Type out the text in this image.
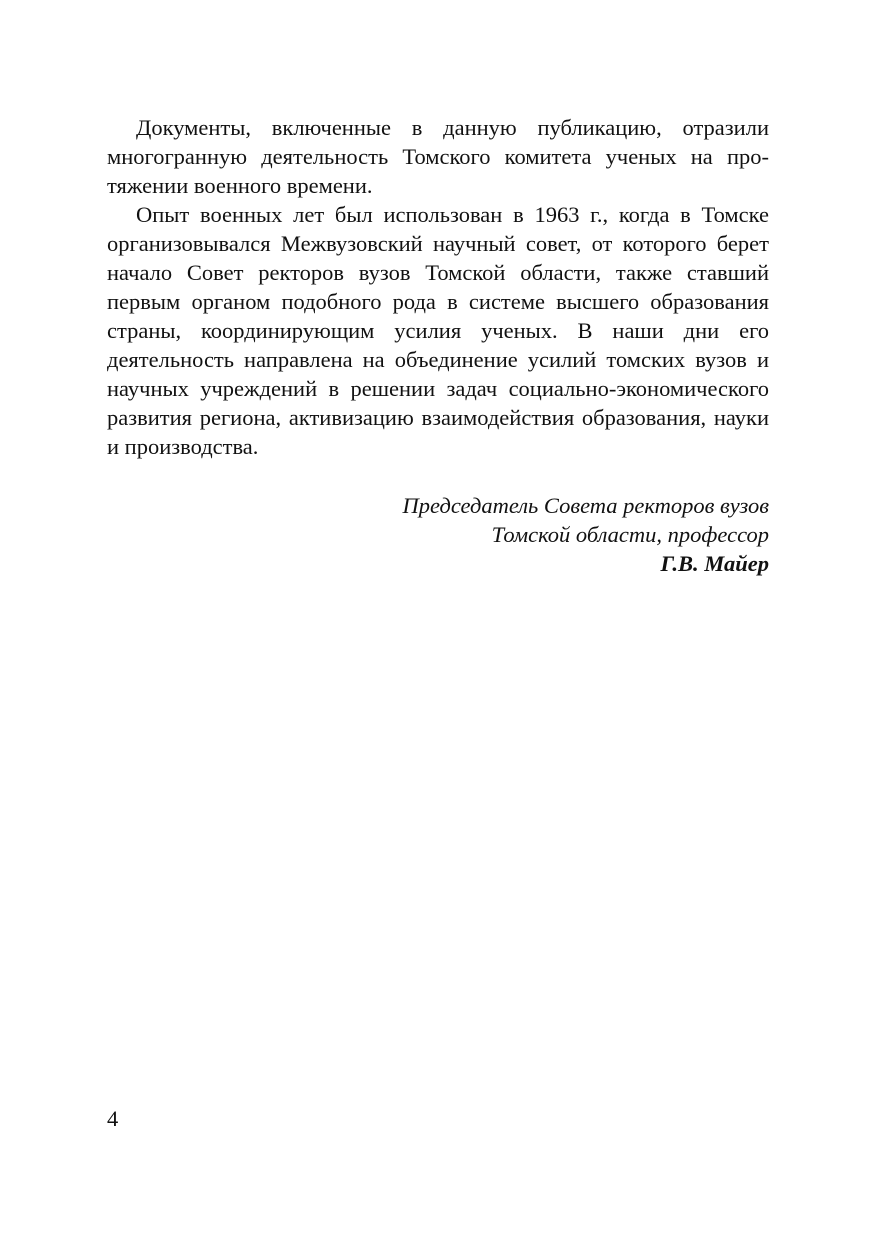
Документы, включенные в данную публикацию, отразили многогранную деятельность Томского комитета ученых на протяжении военного времени.

Опыт военных лет был использован в 1963 г., когда в Томске организовывался Межвузовский научный совет, от которого берет начало Совет ректоров вузов Томской области, также ставший первым органом подобного рода в системе высшего образования страны, координирующим усилия ученых. В наши дни его деятельность направлена на объединение усилий томских вузов и научных учреждений в решении задач социально-экономического развития региона, активизацию взаимодействия образования, науки и производства.

Председатель Совета ректоров вузов
Томской области, профессор
Г.В. Майер
4
